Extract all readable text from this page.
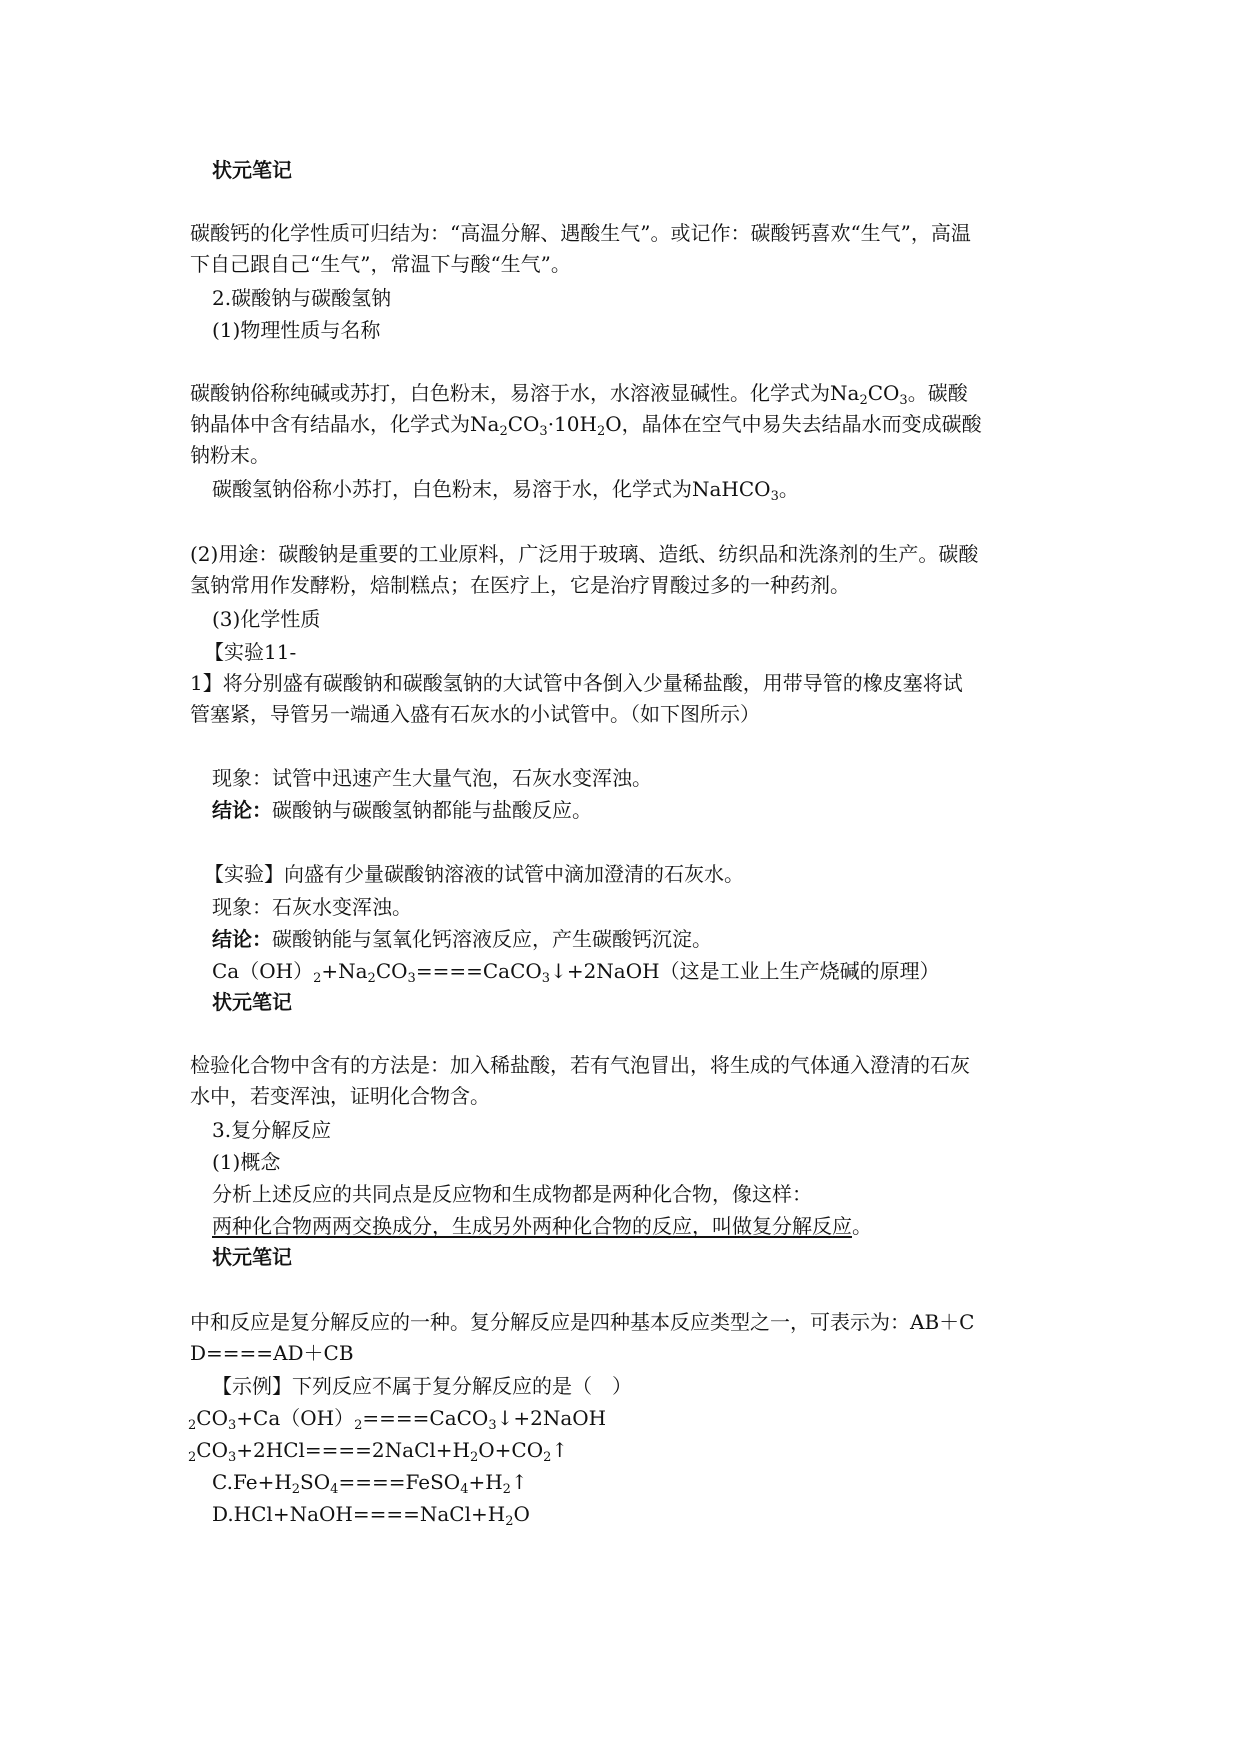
状元笔记
碳酸钙的化学性质可归结为：“高温分解、遇酸生气”。或记作：碳酸钙喜欢“生气”，高温
下自己跟自己“生气”，常温下与酸“生气”。
2.碳酸钠与碳酸氢钠
(1)物理性质与名称
碳酸钠俗称纯碱或苏打，白色粉末，易溶于水，水溶液显碱性。化学式为$Na_2CO_3$。碳酸
钠晶体中含有结晶水，化学式为$Na_2CO_3\cdot 10H_2O$，晶体在空气中易失去结晶水而变成碳酸
钠粉末。
碳酸氢钠俗称小苏打，白色粉末，易溶于水，化学式为NaHCO$_3$。
(2)用途：碳酸钠是重要的工业原料，广泛用于玻璃、造纸、纺织品和洗涤剂的生产。碳酸
氢钠常用作发酵粉，焙制糕点；在医疗上，它是治疗胃酸过多的一种药剂。
(3)化学性质
【实验11-
1】将分别盛有碳酸钠和碳酸氢钠的大试管中各倒入少量稀盐酸，用带导管的橡皮塞将试
管塞紧，导管另一端通入盛有石灰水的小试管中。（如下图所示）
现象：试管中迅速产生大量气泡，石灰水变浑浊。
结论：碳酸钠与碳酸氢钠都能与盐酸反应。
【实验】向盛有少量碳酸钠溶液的试管中滴加澄清的石灰水。
现象：石灰水变浑浊。
结论：碳酸钠能与氢氧化钙溶液反应，产生碳酸钙沉淀。
$Ca(OH)_2+Na_2CO_3====CaCO_3↓+2NaOH$（这是工业上生产烧碱的原理）
状元笔记
检验化合物中含有的方法是：加入稀盐酸，若有气泡冒出，将生成的气体通入澄清的石灰
水中，若变浑浊，证明化合物含。
3.复分解反应
(1)概念
分析上述反应的共同点是反应物和生成物都是两种化合物，像这样：
两种化合物两两交换成分，生成另外两种化合物的反应，叫做复分解反应。
状元笔记
中和反应是复分解反应的一种。复分解反应是四种基本反应类型之一，可表示为：AB＋C
D====AD＋CB
【示例】下列反应不属于复分解反应的是（　）
$_2CO_3+Ca(OH)_2====CaCO_3↓+2NaOH$
$_2CO_3+2HCl====2NaCl+H_2O+CO_2↑$
$C.Fe+H_2SO_4====FeSO_4+H_2↑$
$D.HCl+NaOH====NaCl+H_2O$
